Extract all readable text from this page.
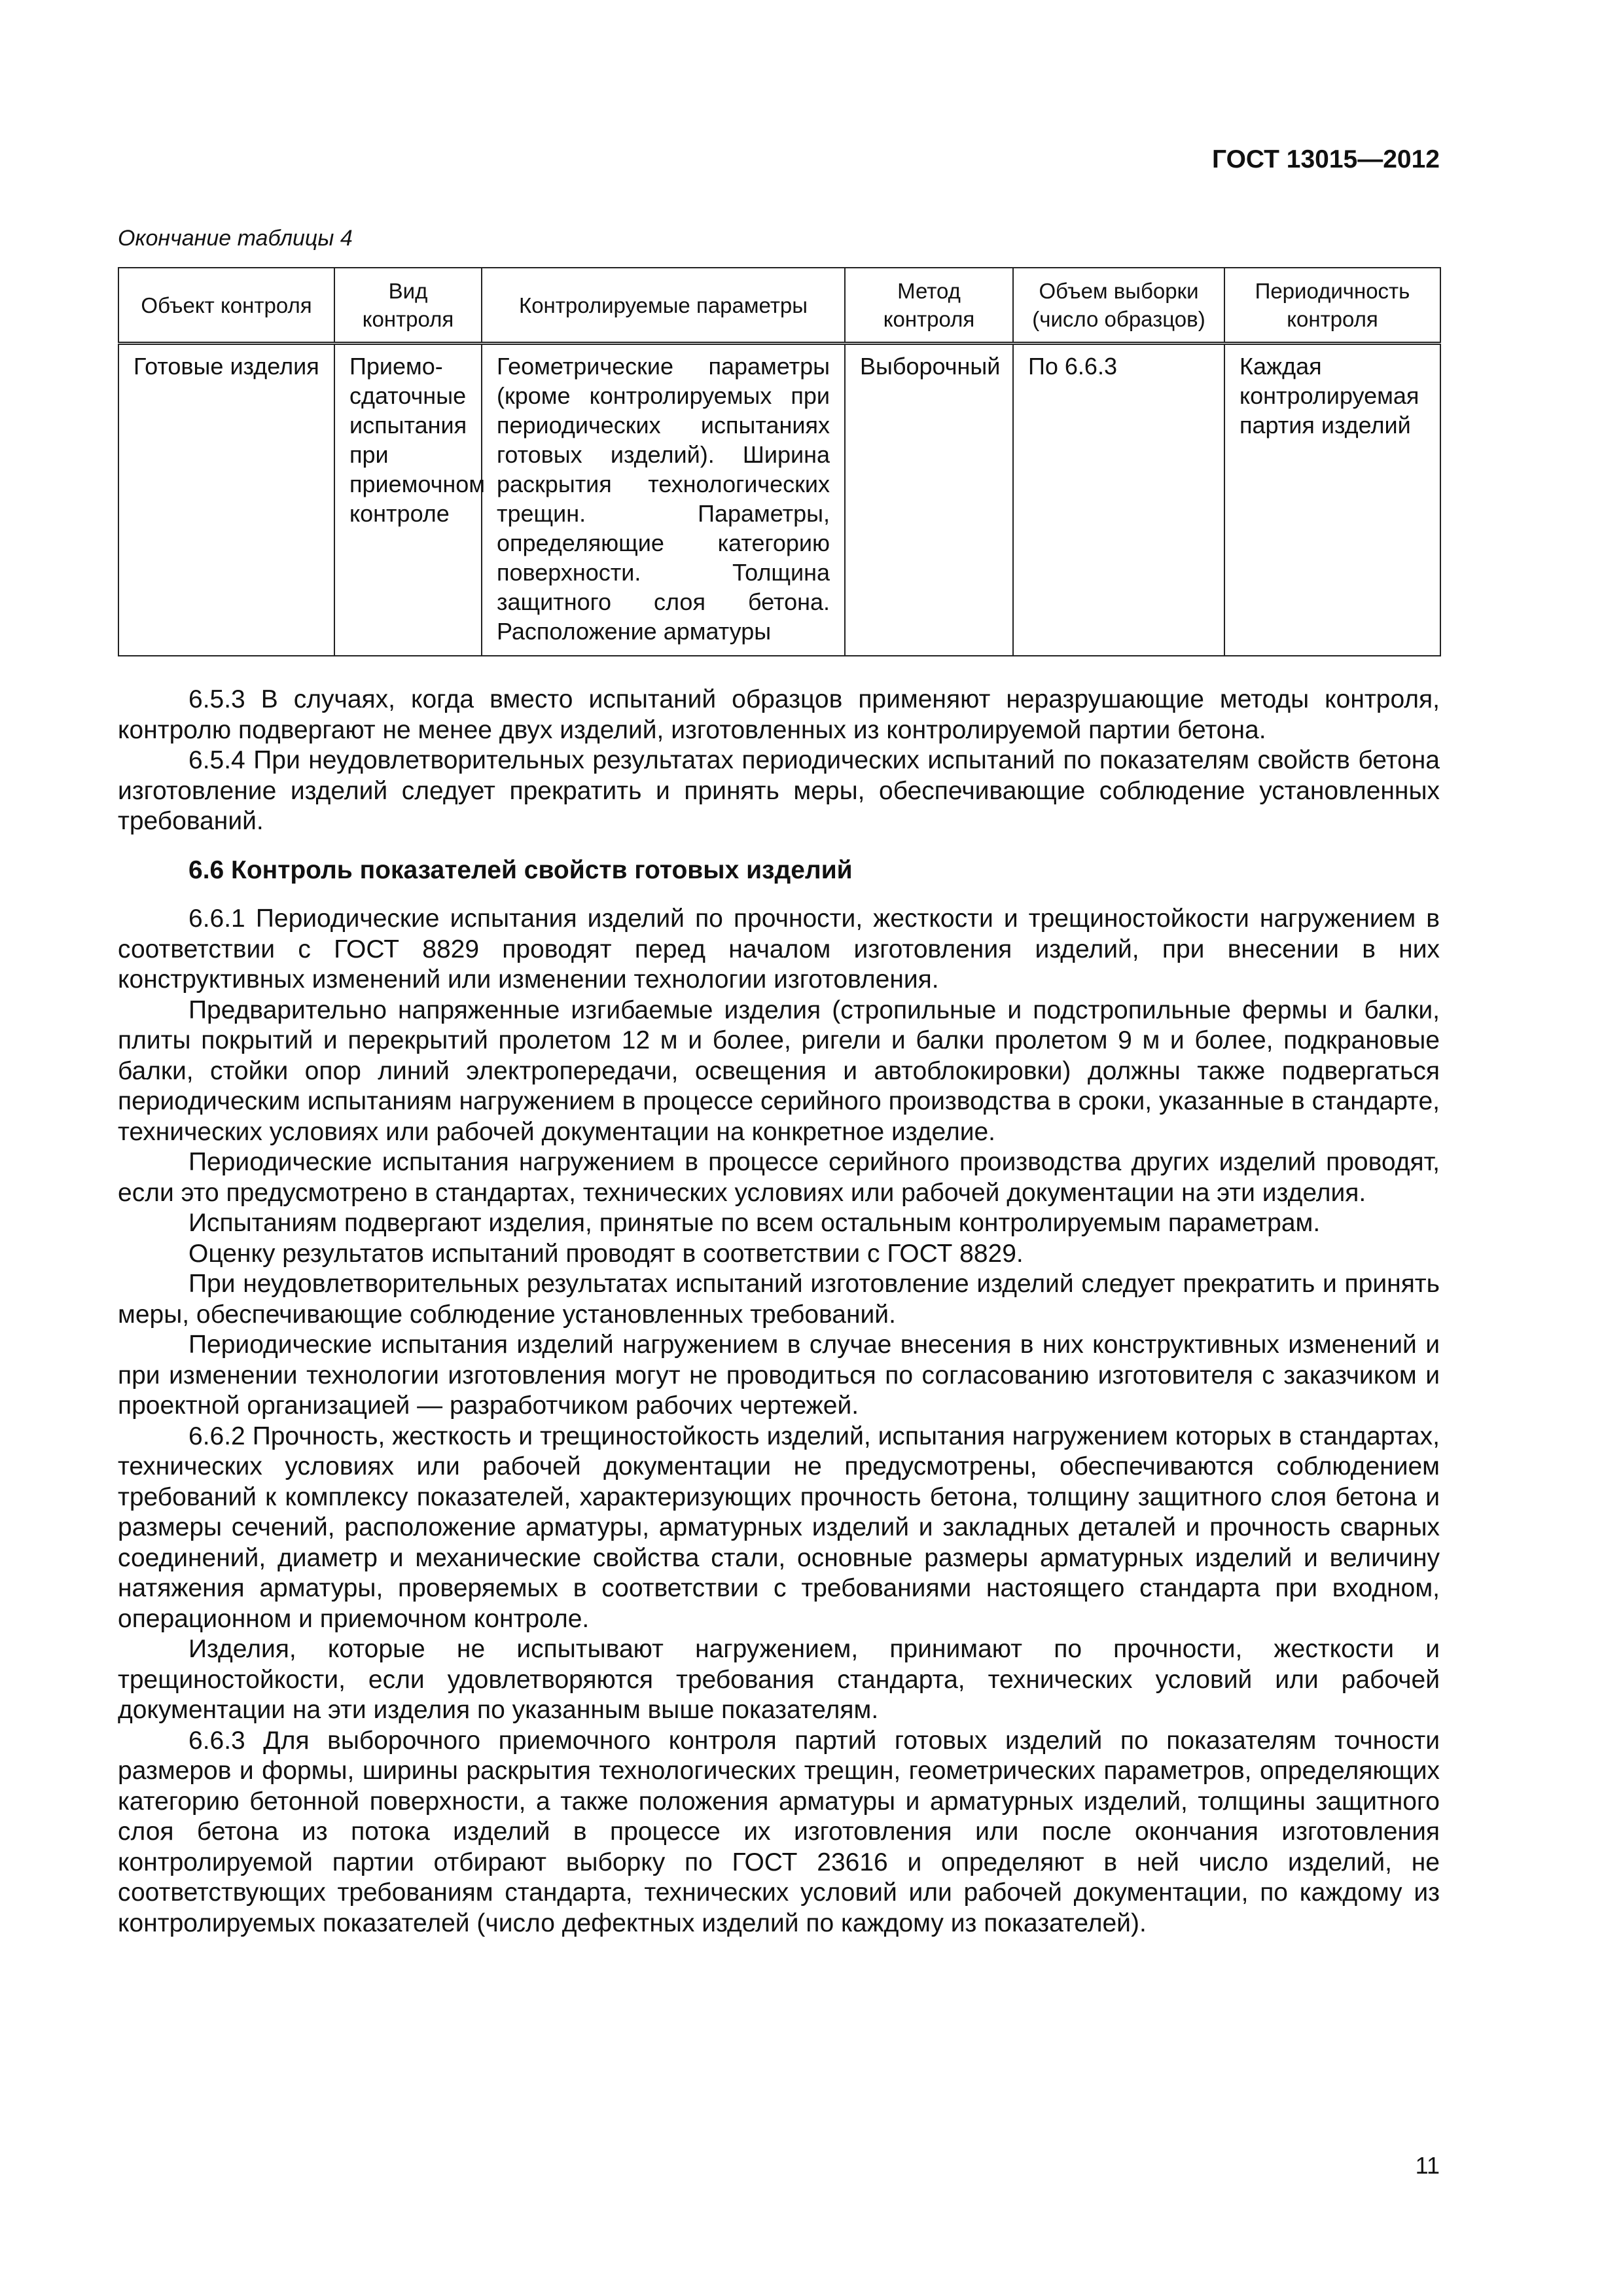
ГОСТ 13015—2012
Окончание таблицы 4
Объект контроля	Вид контроля	Контролируемые параметры	Метод контроля	Объем выборки (число образцов)	Периодичность контроля
Готовые изделия	Приемо-сдаточные испытания при приемочном контроле	Геометрические параметры (кроме контролируемых при периодических испытаниях готовых изделий). Ширина раскрытия технологических трещин. Параметры, определяющие категорию поверхности. Толщина защитного слоя бетона. Расположение арматуры	Выборочный	По 6.6.3	Каждая контролируемая партия изделий

6.5.3 В случаях, когда вместо испытаний образцов применяют неразрушающие методы контроля, контролю подвергают не менее двух изделий, изготовленных из контролируемой партии бетона.

6.5.4 При неудовлетворительных результатах периодических испытаний по показателям свойств бетона изготовление изделий следует прекратить и принять меры, обеспечивающие соблюдение установленных требований.

6.6 Контроль показателей свойств готовых изделий

6.6.1 Периодические испытания изделий по прочности, жесткости и трещиностойкости нагружением в соответствии с ГОСТ 8829 проводят перед началом изготовления изделий, при внесении в них конструктивных изменений или изменении технологии изготовления.

Предварительно напряженные изгибаемые изделия (стропильные и подстропильные фермы и балки, плиты покрытий и перекрытий пролетом 12 м и более, ригели и балки пролетом 9 м и более, подкрановые балки, стойки опор линий электропередачи, освещения и автоблокировки) должны также подвергаться периодическим испытаниям нагружением в процессе серийного производства в сроки, указанные в стандарте, технических условиях или рабочей документации на конкретное изделие.

Периодические испытания нагружением в процессе серийного производства других изделий проводят, если это предусмотрено в стандартах, технических условиях или рабочей документации на эти изделия.

Испытаниям подвергают изделия, принятые по всем остальным контролируемым параметрам.

Оценку результатов испытаний проводят в соответствии с ГОСТ 8829.

При неудовлетворительных результатах испытаний изготовление изделий следует прекратить и принять меры, обеспечивающие соблюдение установленных требований.

Периодические испытания изделий нагружением в случае внесения в них конструктивных изменений и при изменении технологии изготовления могут не проводиться по согласованию изготовителя с заказчиком и проектной организацией — разработчиком рабочих чертежей.

6.6.2 Прочность, жесткость и трещиностойкость изделий, испытания нагружением которых в стандартах, технических условиях или рабочей документации не предусмотрены, обеспечиваются соблюдением требований к комплексу показателей, характеризующих прочность бетона, толщину защитного слоя бетона и размеры сечений, расположение арматуры, арматурных изделий и закладных деталей и прочность сварных соединений, диаметр и механические свойства стали, основные размеры арматурных изделий и величину натяжения арматуры, проверяемых в соответствии с требованиями настоящего стандарта при входном, операционном и приемочном контроле.

Изделия, которые не испытывают нагружением, принимают по прочности, жесткости и трещиностойкости, если удовлетворяются требования стандарта, технических условий или рабочей документации на эти изделия по указанным выше показателям.

6.6.3 Для выборочного приемочного контроля партий готовых изделий по показателям точности размеров и формы, ширины раскрытия технологических трещин, геометрических параметров, определяющих категорию бетонной поверхности, а также положения арматуры и арматурных изделий, толщины защитного слоя бетона из потока изделий в процессе их изготовления или после окончания изготовления контролируемой партии отбирают выборку по ГОСТ 23616 и определяют в ней число изделий, не соответствующих требованиям стандарта, технических условий или рабочей документации, по каждому из контролируемых показателей (число дефектных изделий по каждому из показателей).

11
